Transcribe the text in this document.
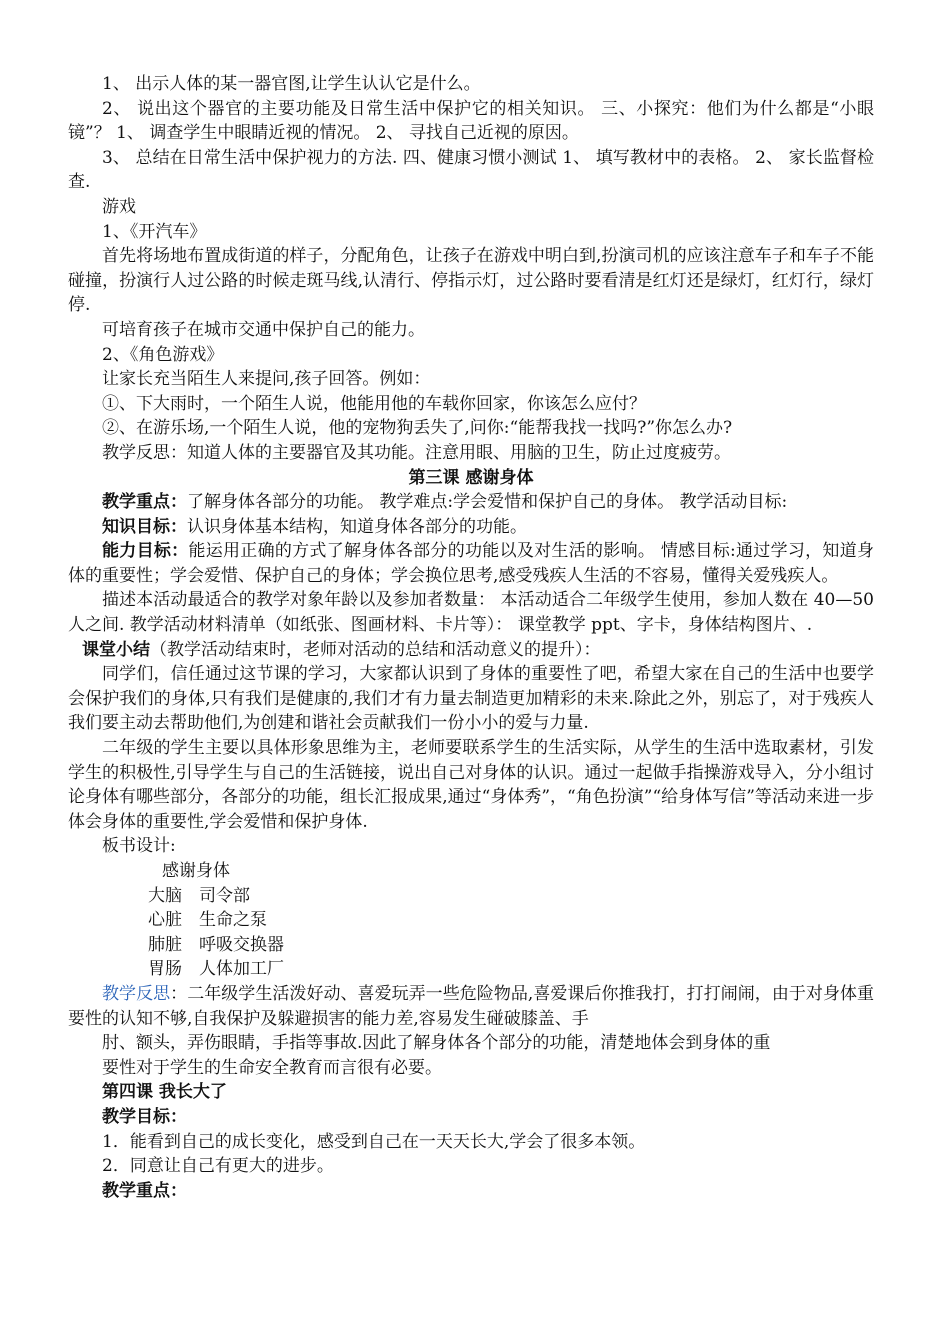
1、 出示人体的某一器官图,让学生认认它是什么。

2、 说出这个器官的主要功能及日常生活中保护它的相关知识。 三、小探究：他们为什么都是“小眼镜”？ 1、 调查学生中眼睛近视的情况。 2、 寻找自己近视的原因。

3、 总结在日常生活中保护视力的方法. 四、健康习惯小测试 1、 填写教材中的表格。 2、 家长监督检查.

游戏

1、《开汽车》

首先将场地布置成街道的样子，分配角色，让孩子在游戏中明白到,扮演司机的应该注意车子和车子不能碰撞，扮演行人过公路的时候走斑马线,认清行、停指示灯，过公路时要看清是红灯还是绿灯，红灯行，绿灯停.

可培育孩子在城市交通中保护自己的能力。

2、《角色游戏》

让家长充当陌生人来提问,孩子回答。例如：

①、下大雨时，一个陌生人说，他能用他的车载你回家，你该怎么应付？

②、在游乐场,一个陌生人说，他的宠物狗丢失了,问你:“能帮我找一找吗?”你怎么办?

教学反思：知道人体的主要器官及其功能。注意用眼、用脑的卫生，防止过度疲劳。

第三课 感谢身体

教学重点：了解身体各部分的功能。 教学难点:学会爱惜和保护自己的身体。 教学活动目标:

知识目标：认识身体基本结构，知道身体各部分的功能。

能力目标：能运用正确的方式了解身体各部分的功能以及对生活的影响。 情感目标:通过学习，知道身体的重要性；学会爱惜、保护自己的身体；学会换位思考,感受残疾人生活的不容易，懂得关爱残疾人。

描述本活动最适合的教学对象年龄以及参加者数量： 本活动适合二年级学生使用，参加人数在 40—50 人之间. 教学活动材料清单（如纸张、图画材料、卡片等）： 课堂教学 ppt、字卡，身体结构图片、.

课堂小结（教学活动结束时，老师对活动的总结和活动意义的提升）：

同学们，信任通过这节课的学习，大家都认识到了身体的重要性了吧，希望大家在自己的生活中也要学会保护我们的身体,只有我们是健康的,我们才有力量去制造更加精彩的未来.除此之外，别忘了，对于残疾人我们要主动去帮助他们,为创建和谐社会贡献我们一份小小的爱与力量.

二年级的学生主要以具体形象思维为主，老师要联系学生的生活实际，从学生的生活中选取素材，引发学生的积极性,引导学生与自己的生活链接，说出自己对身体的认识。通过一起做手指操游戏导入，分小组讨论身体有哪些部分，各部分的功能，组长汇报成果,通过“身体秀”，“角色扮演”“给身体写信”等活动来进一步体会身体的重要性,学会爱惜和保护身体.

板书设计:

感谢身体

大脑　司令部

心脏　生命之泵

肺脏　呼吸交换器

胃肠　人体加工厂

教学反思：二年级学生活泼好动、喜爱玩弄一些危险物品,喜爱课后你推我打，打打闹闹，由于对身体重要性的认知不够,自我保护及躲避损害的能力差,容易发生碰破膝盖、手

肘、额头，弄伤眼睛，手指等事故.因此了解身体各个部分的功能，清楚地体会到身体的重

要性对于学生的生命安全教育而言很有必要。

第四课 我长大了

教学目标：

1．能看到自己的成长变化，感受到自己在一天天长大,学会了很多本领。

2．同意让自己有更大的进步。

教学重点：
